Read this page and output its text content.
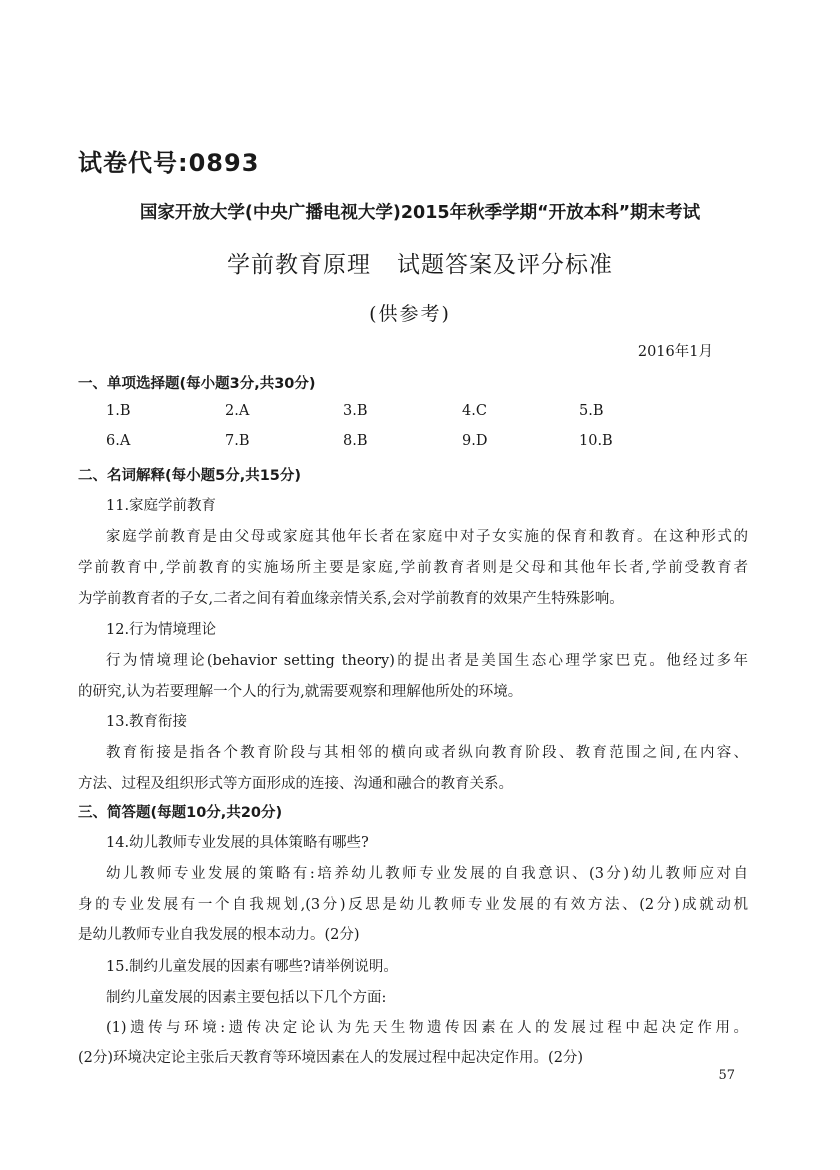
试卷代号:0893
国家开放大学(中央广播电视大学)2015年秋季学期“开放本科”期末考试
学前教育原理 试题答案及评分标准
(供参考)
2016年1月
一、单项选择题(每小题3分,共30分)
1.B	2.A	3.B	4.C	5.B
6.A	7.B	8.B	9.D	10.B
二、名词解释(每小题5分,共15分)
11.家庭学前教育
家庭学前教育是由父母或家庭其他年长者在家庭中对子女实施的保育和教育。在这种形式的
学前教育中,学前教育的实施场所主要是家庭,学前教育者则是父母和其他年长者,学前受教育者
为学前教育者的子女,二者之间有着血缘亲情关系,会对学前教育的效果产生特殊影响。
12.行为情境理论
行为情境理论(behavior setting theory)的提出者是美国生态心理学家巴克。他经过多年
的研究,认为若要理解一个人的行为,就需要观察和理解他所处的环境。
13.教育衔接
教育衔接是指各个教育阶段与其相邻的横向或者纵向教育阶段、教育范围之间,在内容、
方法、过程及组织形式等方面形成的连接、沟通和融合的教育关系。
三、简答题(每题10分,共20分)
14.幼儿教师专业发展的具体策略有哪些?
幼儿教师专业发展的策略有:培养幼儿教师专业发展的自我意识、(3分)幼儿教师应对自
身的专业发展有一个自我规划,(3分)反思是幼儿教师专业发展的有效方法、(2分)成就动机
是幼儿教师专业自我发展的根本动力。(2分)
15.制约儿童发展的因素有哪些?请举例说明。
制约儿童发展的因素主要包括以下几个方面:
(1)遗传与环境:遗传决定论认为先天生物遗传因素在人的发展过程中起决定作用。
(2分)环境决定论主张后天教育等环境因素在人的发展过程中起决定作用。(2分)
57
